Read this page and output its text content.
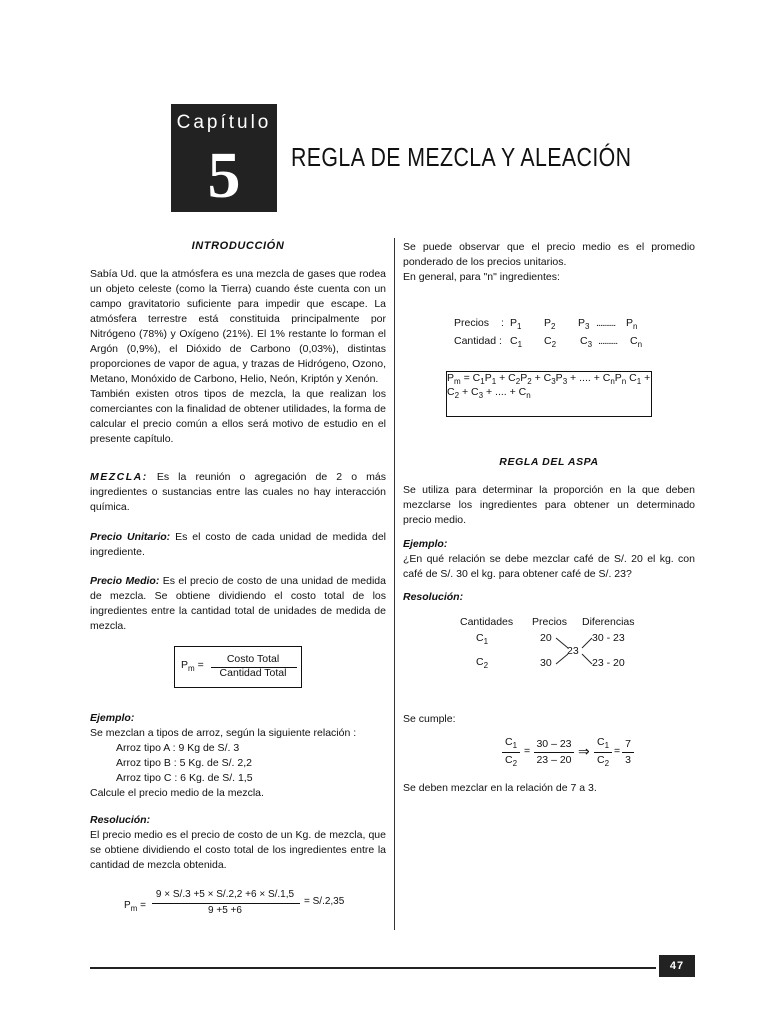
Capítulo
5	REGLA DE MEZCLA Y ALEACIÓN
INTRODUCCIÓN

Sabía Ud. que la atmósfera es una mezcla de gases que rodea un objeto celeste (como la Tierra) cuando éste cuenta con un campo gravitatorio suficiente para impedir que escape. La atmósfera terrestre está constituida principalmente por Nitrógeno (78%) y Oxígeno (21%). El 1% restante lo forman el Argón (0,9%), el Dióxido de Carbono (0,03%), distintas proporciones de vapor de agua, y trazas de Hidrógeno, Ozono, Metano, Monóxido de Carbono, Helio, Neón, Kriptón y Xenón.

También existen otros tipos de mezcla, la que realizan los comerciantes con la finalidad de obtener utilidades, la forma de calcular el precio común a ellos será motivo de estudio en el presente capítulo.

MEZCLA: Es la reunión o agregación de 2 o más ingredientes o sustancias entre las cuales no hay interacción química.
Precio Unitario: Es el costo de cada unidad de medida del ingrediente.
Precio Medio: Es el precio de costo de una unidad de medida de mezcla. Se obtiene dividiendo el costo total de los ingredientes entre la cantidad total de unidades de medida de mezcla.
$P_m$ =	Costo Total
Cantidad Total

Ejemplo:

Se mezclan a tipos de arroz, según la siguiente relación :

Arroz tipo A : 9 Kg de S/. 3

Arroz tipo B : 5 Kg. de S/. 2,2

Arroz tipo C : 6 Kg. de S/. 1,5

Calcule el precio medio de la mezcla.

Resolución:

El precio medio es el precio de costo de un Kg. de mezcla, que se obtiene dividiendo el costo total de los ingredientes entre la cantidad de mezcla obtenida.

$P_m$ =
9 × S/.3 +5 × S/.2,2 +6 × S/.1,5
9 +5 +6
= S/.2,35

Se puede observar que el precio medio es el promedio ponderado de los precios unitarios.

En general, para "n" ingredientes:

Precios : $P_1$ $P_2$ $P_3$ .......... $P_n$
Cantidad : $C_1$ $C_2$ $C_3$ .......... $C_n$
$P_m = C_1P_1 + C_2P_2 + C_3P_3$ + .... + $C_nP_n$ $C_1 + C_2 + C_3$ + .... + $C_n$
REGLA DEL ASPA
Se utiliza para determinar la proporción en la que deben mezclarse los ingredientes para obtener un determinado precio medio.

Ejemplo:

¿En qué relación se debe mezclar café de S/. 20 el kg. con café de S/. 30 el kg. para obtener café de S/. 23?

Resolución:
Cantidades Precios Diferencias
$C_1$	20	30 - 23
$C_2$	30	23 - 20
23
Se cumple:
$C_1$
$C_2$
=
30 – 23
23 – 20
⇒
$C_1$
$C_2$
=
7
3
Se deben mezclar en la relación de 7 a 3.
47
